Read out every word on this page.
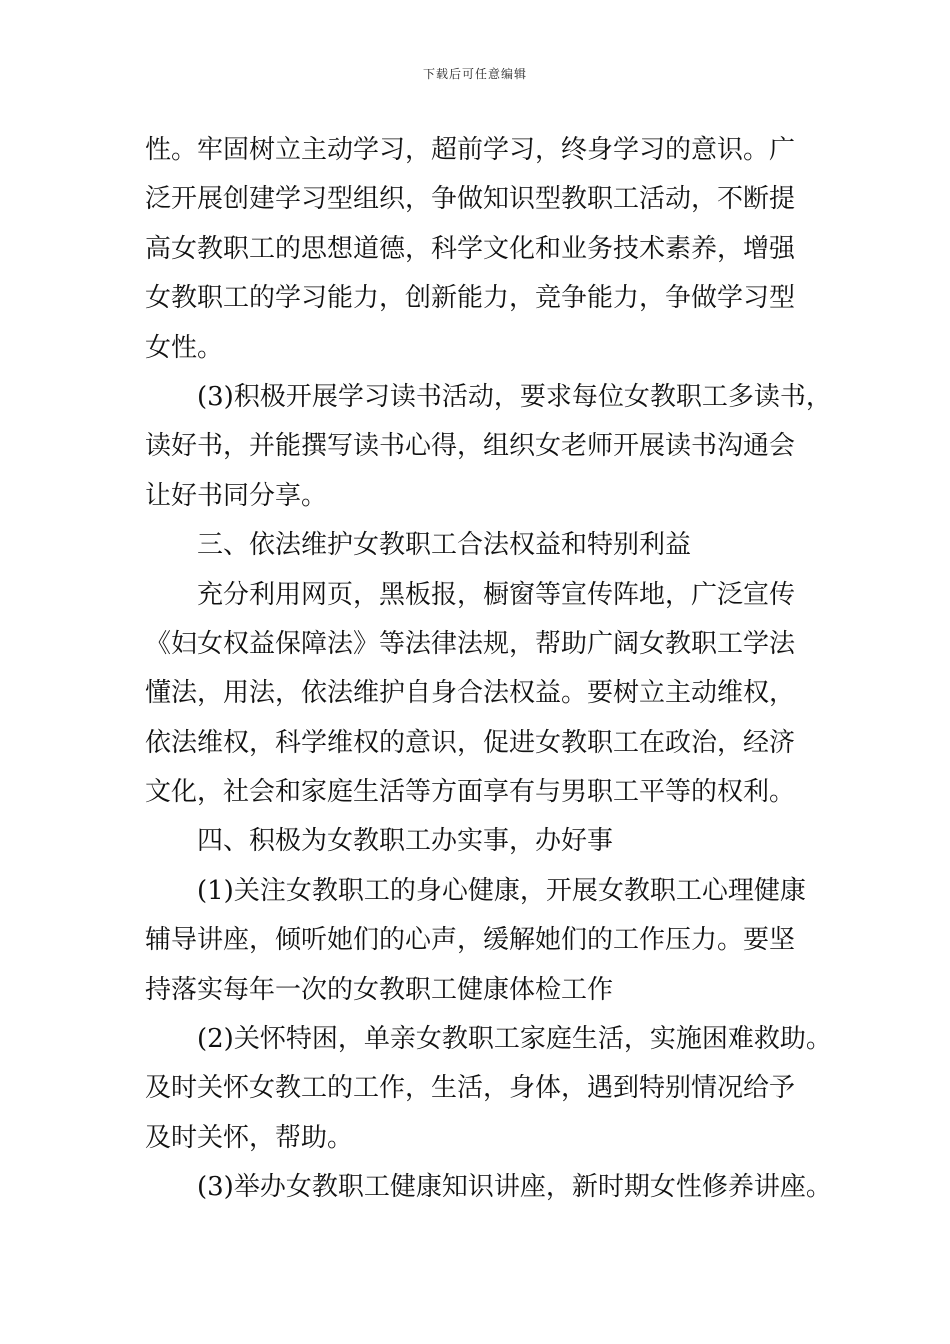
下载后可任意编辑
性。牢固树立主动学习，超前学习，终身学习的意识。广
泛开展创建学习型组织，争做知识型教职工活动，不断提
高女教职工的思想道德，科学文化和业务技术素养，增强
女教职工的学习能力，创新能力，竞争能力，争做学习型
女性。
(3)积极开展学习读书活动，要求每位女教职工多读书，
读好书，并能撰写读书心得，组织女老师开展读书沟通会
让好书同分享。
三、依法维护女教职工合法权益和特别利益
充分利用网页，黑板报，橱窗等宣传阵地，广泛宣传
《妇女权益保障法》等法律法规，帮助广阔女教职工学法
懂法，用法，依法维护自身合法权益。要树立主动维权，
依法维权，科学维权的意识，促进女教职工在政治，经济
文化，社会和家庭生活等方面享有与男职工平等的权利。
四、积极为女教职工办实事，办好事
(1)关注女教职工的身心健康，开展女教职工心理健康
辅导讲座，倾听她们的心声，缓解她们的工作压力。要坚
持落实每年一次的女教职工健康体检工作
(2)关怀特困，单亲女教职工家庭生活，实施困难救助。
及时关怀女教工的工作，生活，身体，遇到特别情况给予
及时关怀，帮助。
(3)举办女教职工健康知识讲座，新时期女性修养讲座。
